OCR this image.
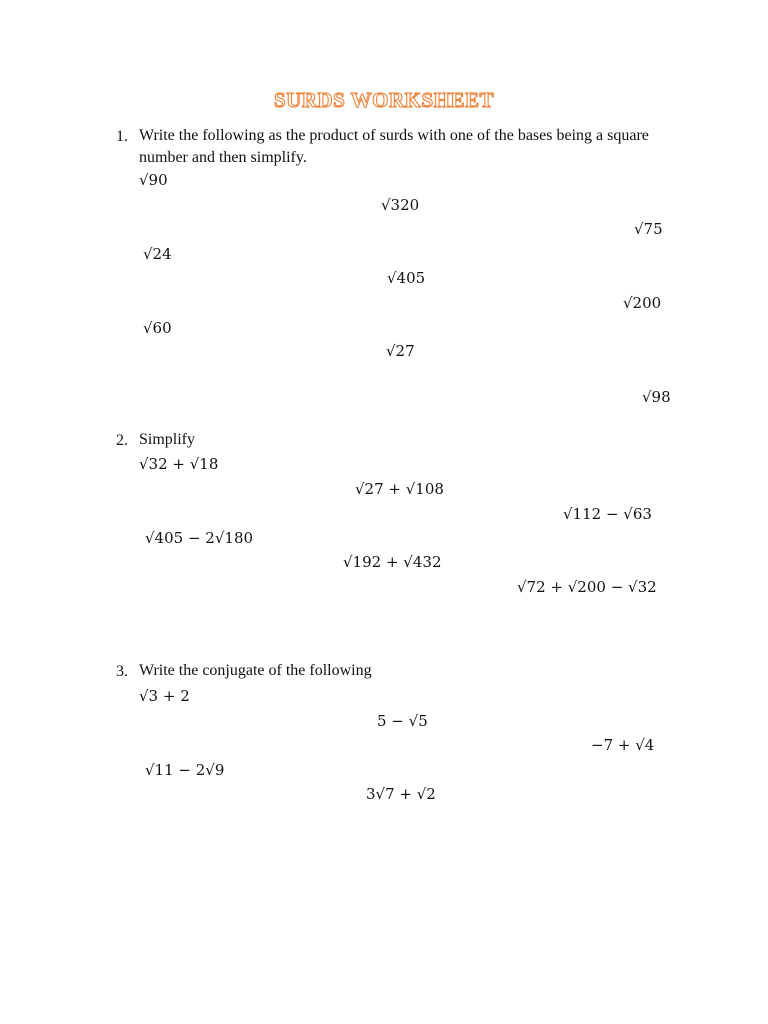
SURDS WORKSHEET
1. Write the following as the product of surds with one of the bases being a square number and then simplify.
√90
√320
√75
√24
√405
√200
√60
√27
√98
2. Simplify
√32 + √18
√27 + √108
√112 − √63
√405 − 2√180
√192 + √432
√72 + √200 − √32
3. Write the conjugate of the following
√3 + 2
5 − √5
−7 + √4
√11 − 2√9
3√7 + √2
